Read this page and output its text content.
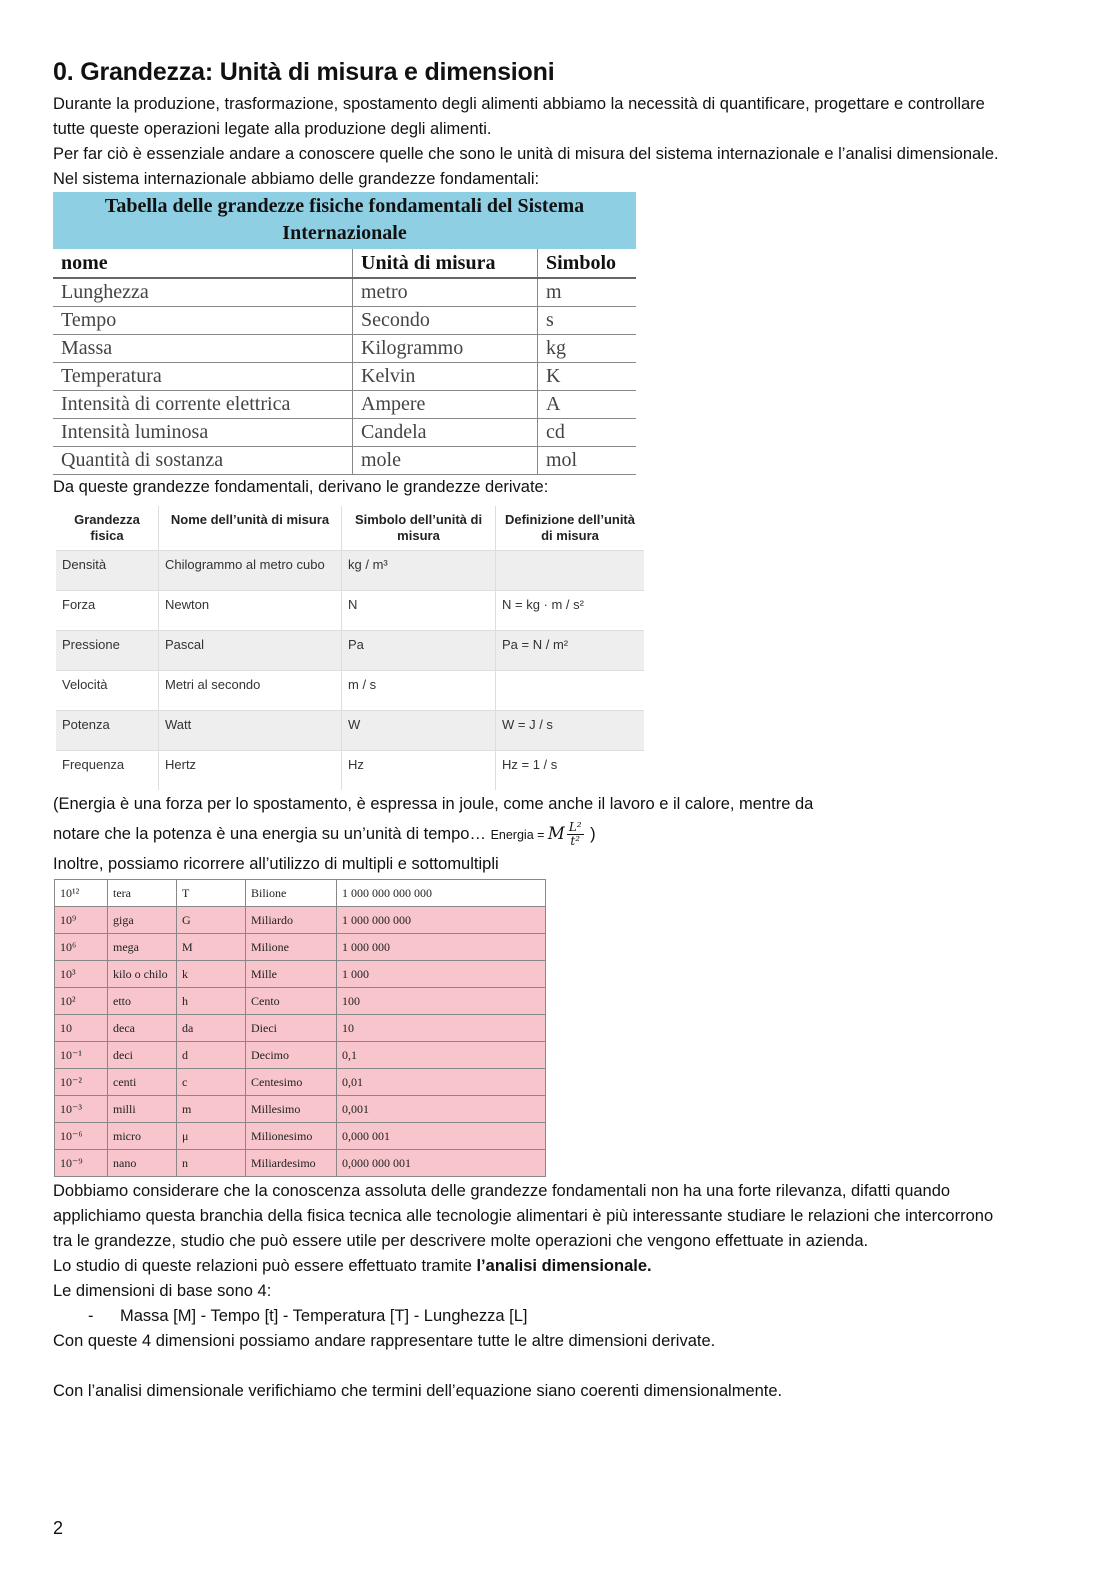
0. Grandezza: Unità di misura e dimensioni

Durante la produzione, trasformazione, spostamento degli alimenti abbiamo la necessità di quantificare, progettare e controllare tutte queste operazioni legate alla produzione degli alimenti.

Per far ciò è essenziale andare a conoscere quelle che sono le unità di misura del sistema internazionale e l’analisi dimensionale.

Nel sistema internazionale abbiamo delle grandezze fondamentali:

Tabella delle grandezze fisiche fondamentali del Sistema Internazionale
nome	Unità di misura	Simbolo
Lunghezza	metro	m
Tempo	Secondo	s
Massa	Kilogrammo	kg
Temperatura	Kelvin	K
Intensità di corrente elettrica	Ampere	A
Intensità luminosa	Candela	cd
Quantità di sostanza	mole	mol

Da queste grandezze fondamentali, derivano le grandezze derivate:

Grandezza fisica	Nome dell’unità di misura	Simbolo dell’unità di misura	Definizione dell’unità di misura
Densità	Chilogrammo al metro cubo	kg / m³	
Forza	Newton	N	N = kg · m / s²
Pressione	Pascal	Pa	Pa = N / m²
Velocità	Metri al secondo	m / s	
Potenza	Watt	W	W = J / s
Frequenza	Hertz	Hz	Hz = 1 / s

(Energia è una forza per lo spostamento, è espressa in joule, come anche il lavoro e il calore, mentre da

notare che la potenza è una energia su un’unità di tempo… Energia = M $\frac{\text{L²}}{\text{t²}}$ )

Inoltre, possiamo ricorrere all’utilizzo di multipli e sottomultipli

10¹²	tera	T	Bilione	1 000 000 000 000
10⁹	giga	G	Miliardo	1 000 000 000
10⁶	mega	M	Milione	1 000 000
10³	kilo o chilo	k	Mille	1 000
10²	etto	h	Cento	100
10	deca	da	Dieci	10
10⁻¹	deci	d	Decimo	0,1
10⁻²	centi	c	Centesimo	0,01
10⁻³	milli	m	Millesimo	0,001
10⁻⁶	micro	μ	Milionesimo	0,000 001
10⁻⁹	nano	n	Miliardesimo	0,000 000 001

Dobbiamo considerare che la conoscenza assoluta delle grandezze fondamentali non ha una forte rilevanza, difatti quando applichiamo questa branchia della fisica tecnica alle tecnologie alimentari è più interessante studiare le relazioni che intercorrono tra le grandezze, studio che può essere utile per descrivere molte operazioni che vengono effettuate in azienda.

Lo studio di queste relazioni può essere effettuato tramite l’analisi dimensionale.

Le dimensioni di base sono 4:

- Massa [M] - Tempo [t] - Temperatura [T] - Lunghezza [L]

Con queste 4 dimensioni possiamo andare rappresentare tutte le altre dimensioni derivate.

Con l’analisi dimensionale verifichiamo che termini dell’equazione siano coerenti dimensionalmente.

2
